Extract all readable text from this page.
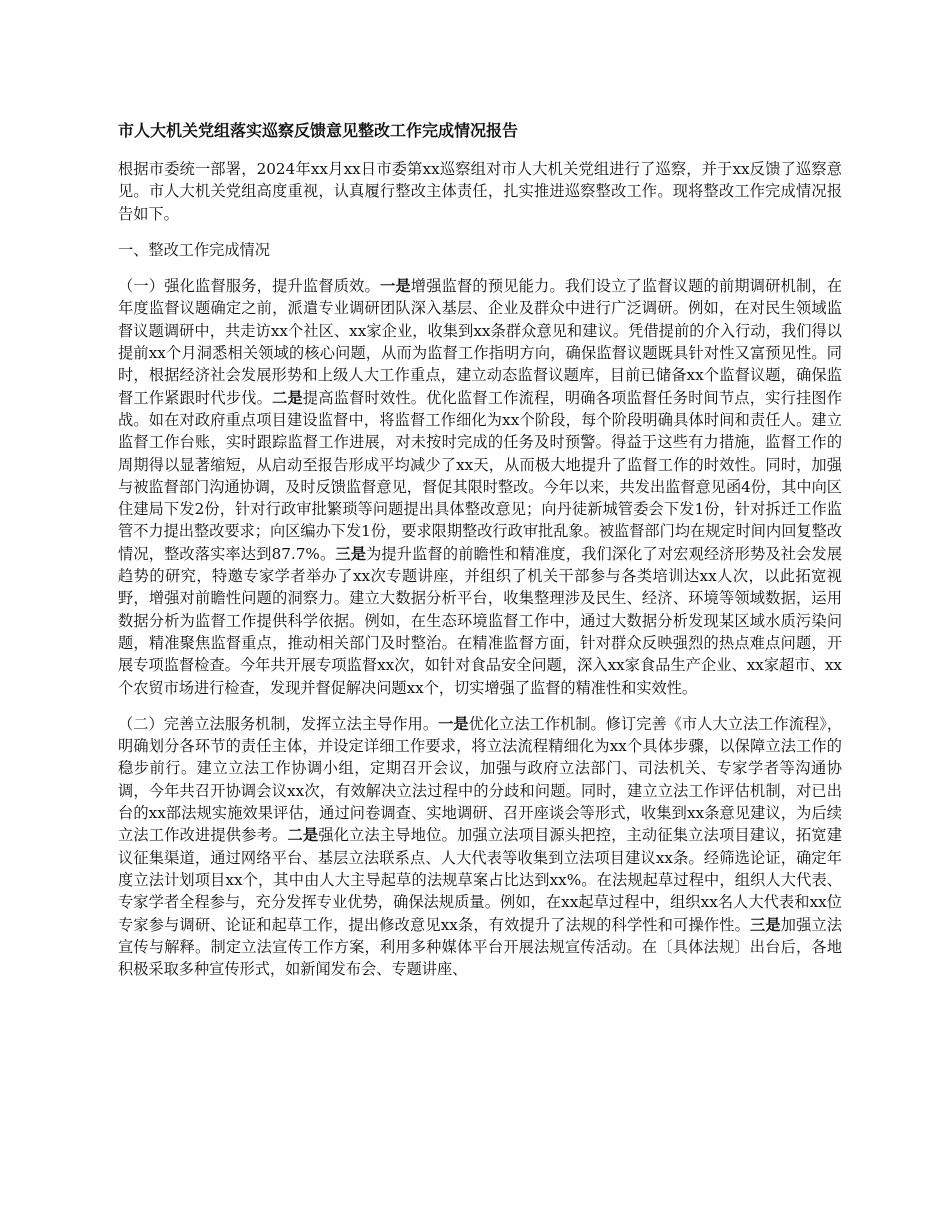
市人大机关党组落实巡察反馈意见整改工作完成情况报告
根据市委统一部署，2024年xx月xx日市委第xx巡察组对市人大机关党组进行了巡察，并于xx反馈了巡察意见。市人大机关党组高度重视，认真履行整改主体责任，扎实推进巡察整改工作。现将整改工作完成情况报告如下。
一、整改工作完成情况
（一）强化监督服务，提升监督质效。一是增强监督的预见能力。我们设立了监督议题的前期调研机制，在年度监督议题确定之前，派遣专业调研团队深入基层、企业及群众中进行广泛调研。例如，在对民生领域监督议题调研中，共走访xx个社区、xx家企业，收集到xx条群众意见和建议。凭借提前的介入行动，我们得以提前xx个月洞悉相关领域的核心问题，从而为监督工作指明方向，确保监督议题既具针对性又富预见性。同时，根据经济社会发展形势和上级人大工作重点，建立动态监督议题库，目前已储备xx个监督议题，确保监督工作紧跟时代步伐。二是提高监督时效性。优化监督工作流程，明确各项监督任务时间节点，实行挂图作战。如在对政府重点项目建设监督中，将监督工作细化为xx个阶段，每个阶段明确具体时间和责任人。建立监督工作台账，实时跟踪监督工作进展，对未按时完成的任务及时预警。得益于这些有力措施，监督工作的周期得以显著缩短，从启动至报告形成平均减少了xx天，从而极大地提升了监督工作的时效性。同时，加强与被监督部门沟通协调，及时反馈监督意见，督促其限时整改。今年以来，共发出监督意见函4份，其中向区住建局下发2份，针对行政审批繁琐等问题提出具体整改意见；向丹徒新城管委会下发1份，针对拆迁工作监管不力提出整改要求；向区编办下发1份，要求限期整改行政审批乱象。被监督部门均在规定时间内回复整改情况，整改落实率达到87.7%。三是为提升监督的前瞻性和精准度，我们深化了对宏观经济形势及社会发展趋势的研究，特邀专家学者举办了xx次专题讲座，并组织了机关干部参与各类培训达xx人次，以此拓宽视野，增强对前瞻性问题的洞察力。建立大数据分析平台，收集整理涉及民生、经济、环境等领域数据，运用数据分析为监督工作提供科学依据。例如，在生态环境监督工作中，通过大数据分析发现某区域水质污染问题，精准聚焦监督重点，推动相关部门及时整治。在精准监督方面，针对群众反映强烈的热点难点问题，开展专项监督检查。今年共开展专项监督xx次，如针对食品安全问题，深入xx家食品生产企业、xx家超市、xx个农贸市场进行检查，发现并督促解决问题xx个，切实增强了监督的精准性和实效性。
（二）完善立法服务机制，发挥立法主导作用。一是优化立法工作机制。修订完善《市人大立法工作流程》，明确划分各环节的责任主体，并设定详细工作要求，将立法流程精细化为xx个具体步骤，以保障立法工作的稳步前行。建立立法工作协调小组，定期召开会议，加强与政府立法部门、司法机关、专家学者等沟通协调，今年共召开协调会议xx次，有效解决立法过程中的分歧和问题。同时，建立立法工作评估机制，对已出台的xx部法规实施效果评估，通过问卷调查、实地调研、召开座谈会等形式，收集到xx条意见建议，为后续立法工作改进提供参考。二是强化立法主导地位。加强立法项目源头把控，主动征集立法项目建议，拓宽建议征集渠道，通过网络平台、基层立法联系点、人大代表等收集到立法项目建议xx条。经筛选论证，确定年度立法计划项目xx个，其中由人大主导起草的法规草案占比达到xx%。在法规起草过程中，组织人大代表、专家学者全程参与，充分发挥专业优势，确保法规质量。例如，在xx起草过程中，组织xx名人大代表和xx位专家参与调研、论证和起草工作，提出修改意见xx条，有效提升了法规的科学性和可操作性。三是加强立法宣传与解释。制定立法宣传工作方案，利用多种媒体平台开展法规宣传活动。在〔具体法规〕出台后，各地积极采取多种宣传形式，如新闻发布会、专题讲座、
